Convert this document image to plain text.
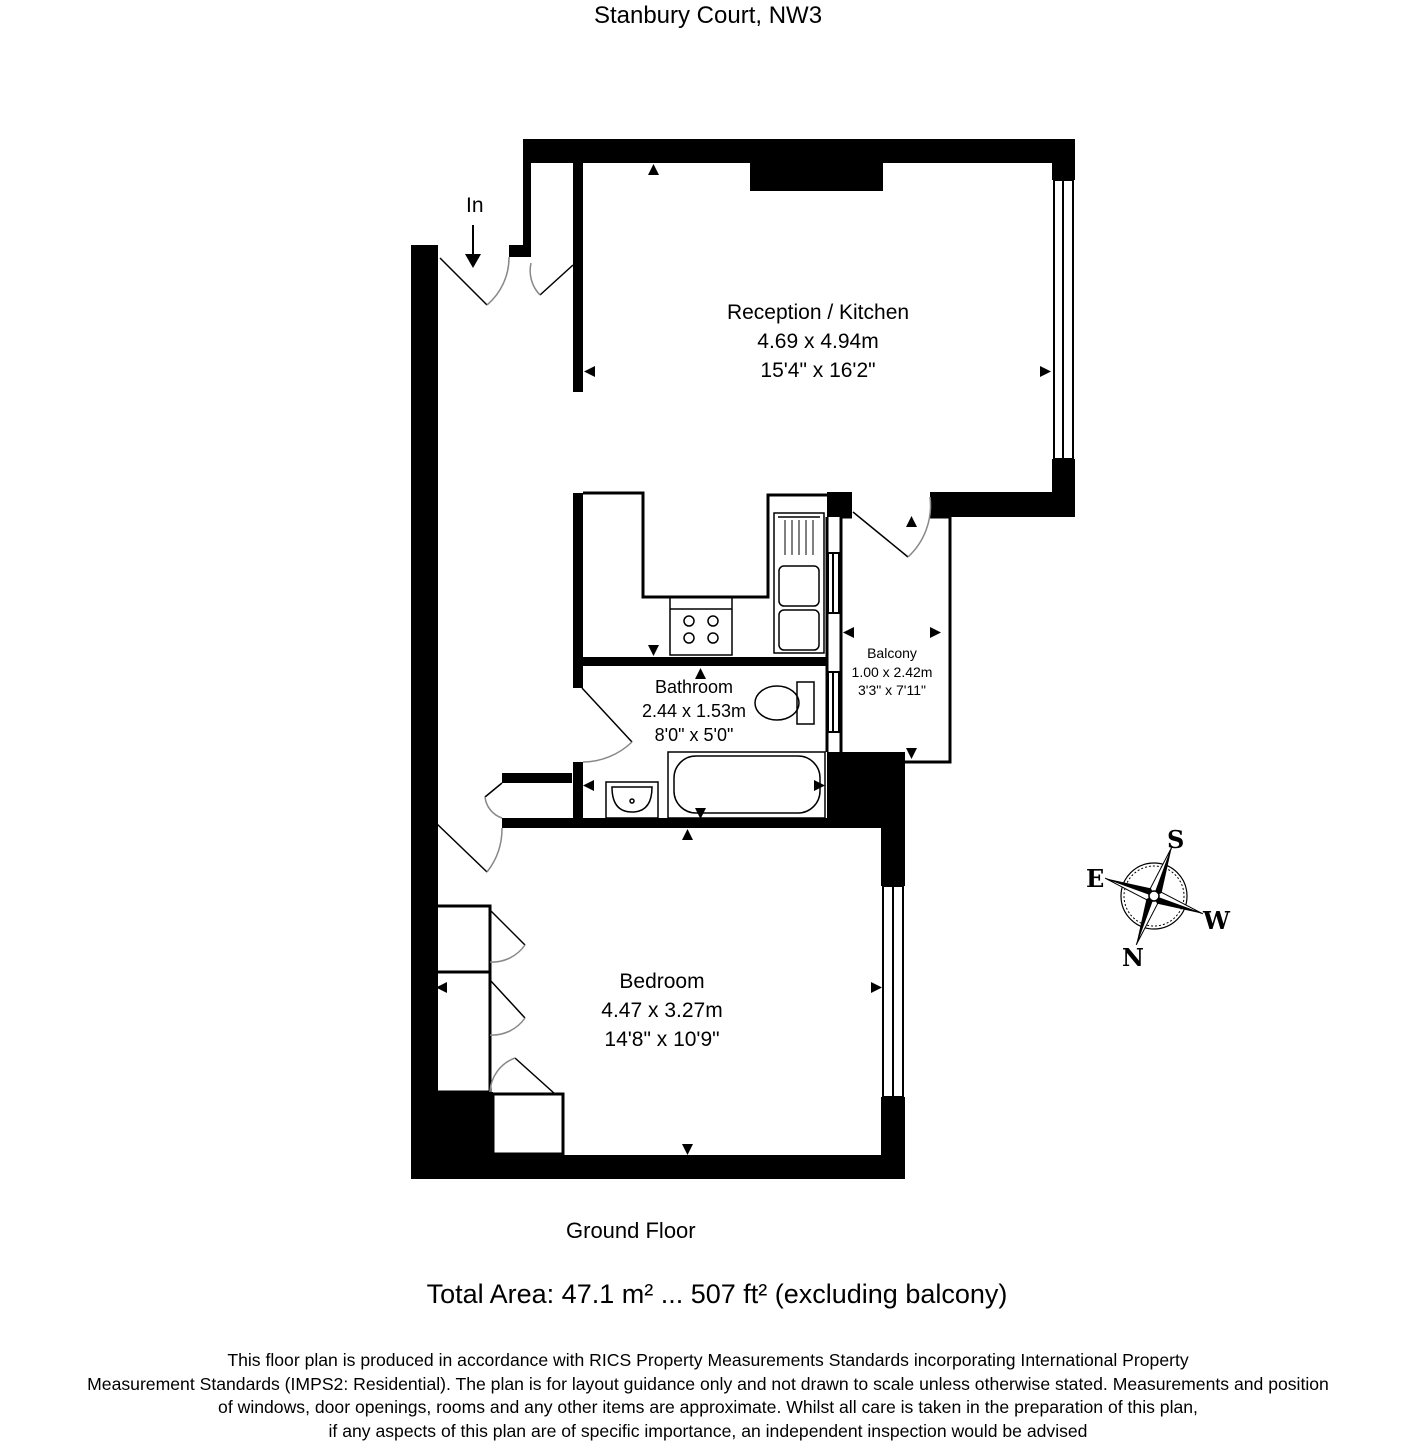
Stanbury Court, NW3
In
Reception / Kitchen
4.69 x 4.94m
15'4" x 16'2"
Bathroom
2.44 x 1.53m
8'0" x 5'0"
Balcony
1.00 x 2.42m
3'3" x 7'11"
Bedroom
4.47 x 3.27m
14'8" x 10'9"
S
E
W
N
Ground Floor
Total Area: 47.1 m² ... 507 ft² (excluding balcony)
This floor plan is produced in accordance with RICS Property Measurements Standards incorporating International Property
Measurement Standards (IMPS2: Residential). The plan is for layout guidance only and not drawn to scale unless otherwise stated. Measurements and position
of windows, door openings, rooms and any other items are approximate. Whilst all care is taken in the preparation of this plan,
if any aspects of this plan are of specific importance, an independent inspection would be advised
